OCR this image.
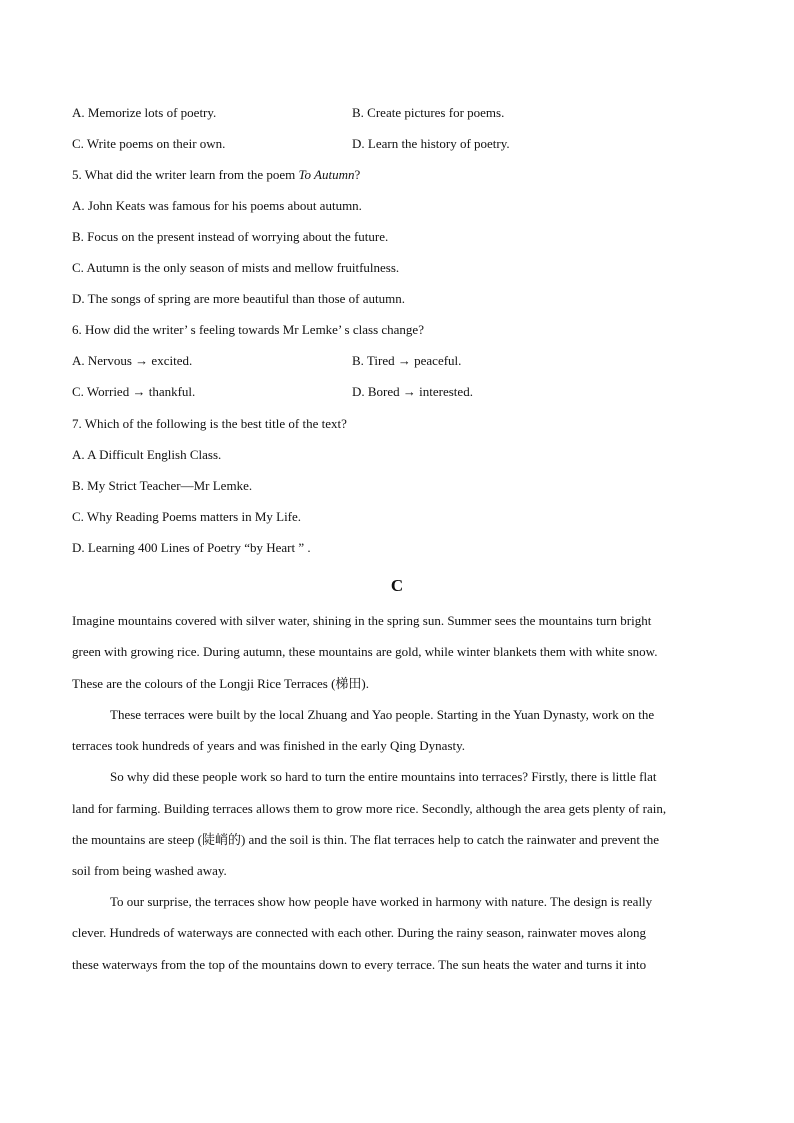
A. Memorize lots of poetry.	B. Create pictures for poems.
C. Write poems on their own.	D. Learn the history of poetry.
5. What did the writer learn from the poem To Autumn?
A. John Keats was famous for his poems about autumn.
B. Focus on the present instead of worrying about the future.
C. Autumn is the only season of mists and mellow fruitfulness.
D. The songs of spring are more beautiful than those of autumn.
6. How did the writer’ s feeling towards Mr Lemke’ s class change?
A. Nervous → excited.	B. Tired → peaceful.
C. Worried → thankful.	D. Bored → interested.
7. Which of the following is the best title of the text?
A. A Difficult English Class.
B. My Strict Teacher—Mr Lemke.
C. Why Reading Poems matters in My Life.
D. Learning 400 Lines of Poetry “by Heart ” .
C
Imagine mountains covered with silver water, shining in the spring sun. Summer sees the mountains turn bright
green with growing rice. During autumn, these mountains are gold, while winter blankets them with white snow.
These are the colours of the Longji Rice Terraces (梯田).
These terraces were built by the local Zhuang and Yao people. Starting in the Yuan Dynasty, work on the
terraces took hundreds of years and was finished in the early Qing Dynasty.
So why did these people work so hard to turn the entire mountains into terraces? Firstly, there is little flat
land for farming. Building terraces allows them to grow more rice. Secondly, although the area gets plenty of rain,
the mountains are steep (陡峭的) and the soil is thin. The flat terraces help to catch the rainwater and prevent the
soil from being washed away.
To our surprise, the terraces show how people have worked in harmony with nature. The design is really
clever. Hundreds of waterways are connected with each other. During the rainy season, rainwater moves along
these waterways from the top of the mountains down to every terrace. The sun heats the water and turns it into
